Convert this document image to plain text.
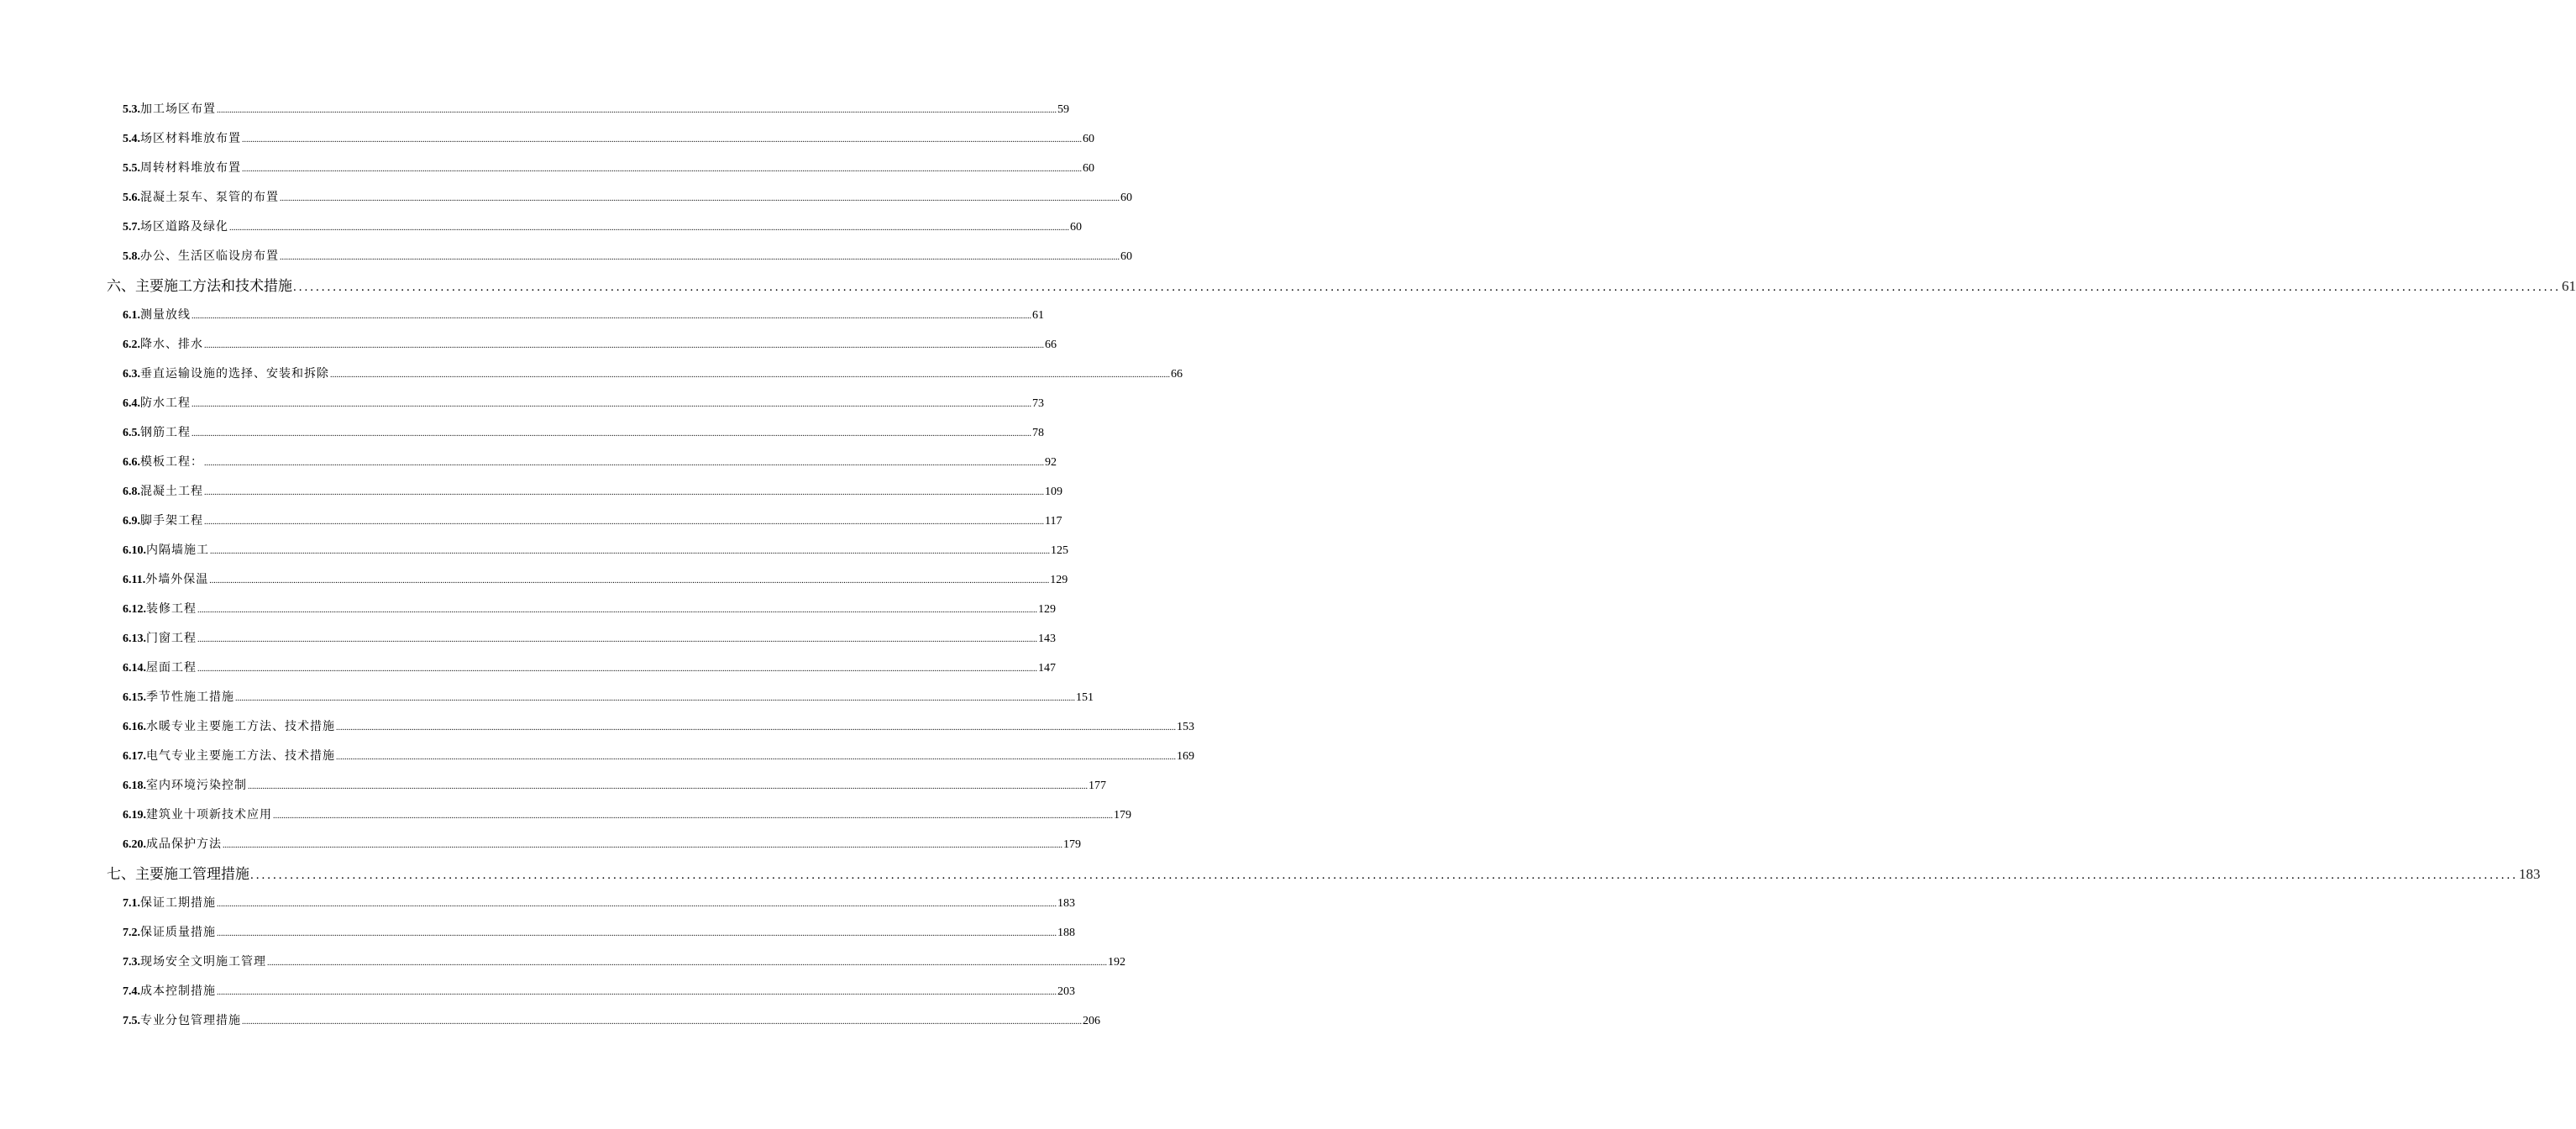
5.3. 加工场区布置 ................................................................................................................................................................................................................................................................................................................................................................................................................ 59
5.4. 场区材料堆放布置 ................................................................................................................................................................................................................................................................................................................................................................................................................ 60
5.5. 周转材料堆放布置 ................................................................................................................................................................................................................................................................................................................................................................................................................ 60
5.6. 混凝土泵车、泵管的布置 ................................................................................................................................................................................................................................................................................................................................................................................................................ 60
5.7. 场区道路及绿化 ................................................................................................................................................................................................................................................................................................................................................................................................................ 60
5.8. 办公、生活区临设房布置 ................................................................................................................................................................................................................................................................................................................................................................................................................ 60
六、主要施工方法和技术措施 ................................................................................................................................................................................................................................................................................................................................................................................................................ 61
6.1. 测量放线 ................................................................................................................................................................................................................................................................................................................................................................................................................ 61
6.2. 降水、排水 ................................................................................................................................................................................................................................................................................................................................................................................................................ 66
6.3. 垂直运输设施的选择、安装和拆除 ................................................................................................................................................................................................................................................................................................................................................................................................................ 66
6.4. 防水工程 ................................................................................................................................................................................................................................................................................................................................................................................................................ 73
6.5. 钢筋工程 ................................................................................................................................................................................................................................................................................................................................................................................................................ 78
6.6. 模板工程： ................................................................................................................................................................................................................................................................................................................................................................................................................ 92
6.8. 混凝土工程 ................................................................................................................................................................................................................................................................................................................................................................................................................ 109
6.9. 脚手架工程 ................................................................................................................................................................................................................................................................................................................................................................................................................ 117
6.10. 内隔墙施工 ................................................................................................................................................................................................................................................................................................................................................................................................................ 125
6.11. 外墙外保温 ................................................................................................................................................................................................................................................................................................................................................................................................................ 129
6.12. 装修工程 ................................................................................................................................................................................................................................................................................................................................................................................................................ 129
6.13. 门窗工程 ................................................................................................................................................................................................................................................................................................................................................................................................................ 143
6.14. 屋面工程 ................................................................................................................................................................................................................................................................................................................................................................................................................ 147
6.15. 季节性施工措施 ................................................................................................................................................................................................................................................................................................................................................................................................................ 151
6.16. 水暖专业主要施工方法、技术措施 ................................................................................................................................................................................................................................................................................................................................................................................................................ 153
6.17. 电气专业主要施工方法、技术措施 ................................................................................................................................................................................................................................................................................................................................................................................................................ 169
6.18. 室内环境污染控制 ................................................................................................................................................................................................................................................................................................................................................................................................................ 177
6.19. 建筑业十项新技术应用 ................................................................................................................................................................................................................................................................................................................................................................................................................ 179
6.20. 成品保护方法 ................................................................................................................................................................................................................................................................................................................................................................................................................ 179
七、主要施工管理措施 ................................................................................................................................................................................................................................................................................................................................................................................................................ 183
7.1. 保证工期措施 ................................................................................................................................................................................................................................................................................................................................................................................................................ 183
7.2. 保证质量措施 ................................................................................................................................................................................................................................................................................................................................................................................................................ 188
7.3. 现场安全文明施工管理 ................................................................................................................................................................................................................................................................................................................................................................................................................ 192
7.4. 成本控制措施 ................................................................................................................................................................................................................................................................................................................................................................................................................ 203
7.5. 专业分包管理措施 ................................................................................................................................................................................................................................................................................................................................................................................................................ 206
